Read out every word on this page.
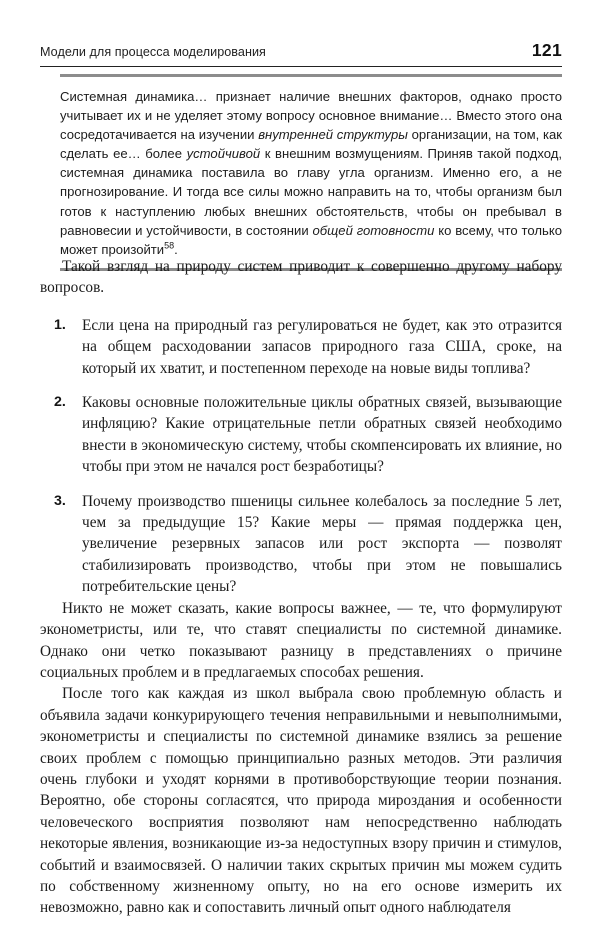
Модели для процесса моделирования	121
Системная динамика… признает наличие внешних факторов, однако просто учитывает их и не уделяет этому вопросу основное внимание… Вместо этого она сосредотачивается на изучении внутренней структуры организации, на том, как сделать ее… более устойчивой к внешним возмущениям. Приняв такой подход, системная динамика поставила во главу угла организм. Именно его, а не прогнозирование. И тогда все силы можно направить на то, чтобы организм был готов к наступлению любых внешних обстоятельств, чтобы он пребывал в равновесии и устойчивости, в состоянии общей готовности ко всему, что только может произойти$^{58}$.

Такой взгляд на природу систем приводит к совершенно другому набору вопросов.

1.	Если цена на природный газ регулироваться не будет, как это отразится на общем расходовании запасов природного газа США, сроке, на который их хватит, и постепенном переходе на новые виды топлива?
2.	Каковы основные положительные циклы обратных связей, вызывающие инфляцию? Какие отрицательные петли обратных связей необходимо внести в экономическую систему, чтобы скомпенсировать их влияние, но чтобы при этом не начался рост безработицы?
3.	Почему производство пшеницы сильнее колебалось за последние 5 лет, чем за предыдущие 15? Какие меры — прямая поддержка цен, увеличение резервных запасов или рост экспорта — позволят стабилизировать производство, чтобы при этом не повышались потребительские цены?

Никто не может сказать, какие вопросы важнее, — те, что формулируют эконометристы, или те, что ставят специалисты по системной динамике. Однако они четко показывают разницу в представлениях о причине социальных проблем и в предлагаемых способах решения.

После того как каждая из школ выбрала свою проблемную область и объявила задачи конкурирующего течения неправильными и невыполнимыми, эконометристы и специалисты по системной динамике взялись за решение своих проблем с помощью принципиально разных методов. Эти различия очень глубоки и уходят корнями в противоборствующие теории познания. Вероятно, обе стороны согласятся, что природа мироздания и особенности человеческого восприятия позволяют нам непосредственно наблюдать некоторые явления, возникающие из-за недоступных взору причин и стимулов, событий и взаимосвязей. О наличии таких скрытых причин мы можем судить по собственному жизненному опыту, но на его основе измерить их невозможно, равно как и сопоставить личный опыт одного наблюдателя
